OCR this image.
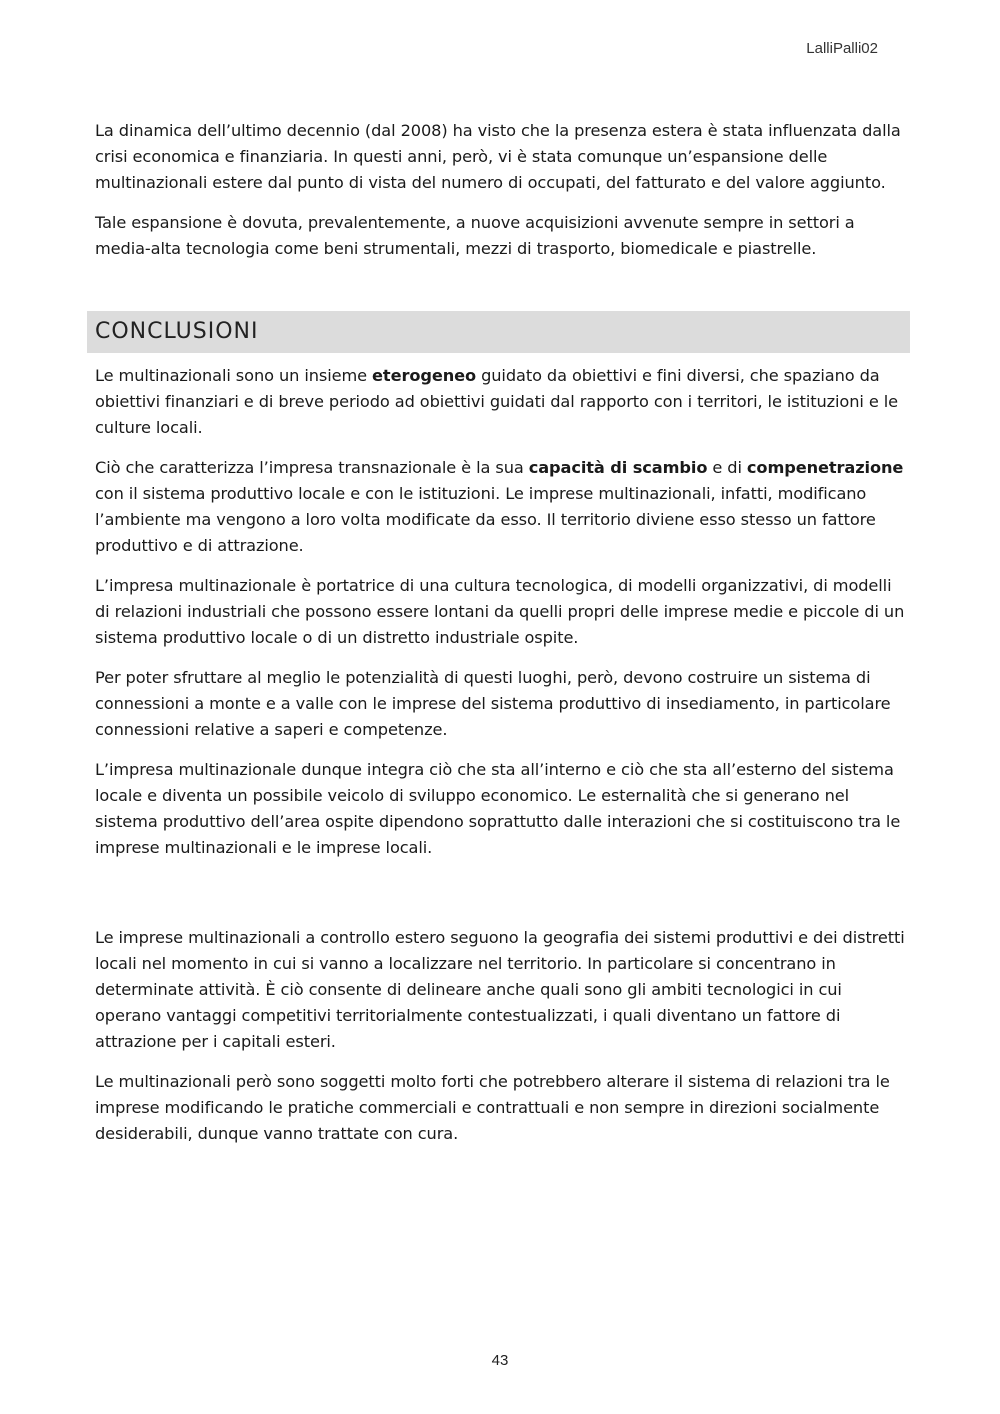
LalliPalli02

La dinamica dell’ultimo decennio (dal 2008) ha visto che la presenza estera è stata influenzata dalla crisi economica e finanziaria. In questi anni, però, vi è stata comunque un’espansione delle multinazionali estere dal punto di vista del numero di occupati, del fatturato e del valore aggiunto.

Tale espansione è dovuta, prevalentemente, a nuove acquisizioni avvenute sempre in settori a media-alta tecnologia come beni strumentali, mezzi di trasporto, biomedicale e piastrelle.

CONCLUSIONI

Le multinazionali sono un insieme eterogeneo guidato da obiettivi e fini diversi, che spaziano da obiettivi finanziari e di breve periodo ad obiettivi guidati dal rapporto con i territori, le istituzioni e le culture locali.

Ciò che caratterizza l’impresa transnazionale è la sua capacità di scambio e di compenetrazione con il sistema produttivo locale e con le istituzioni. Le imprese multinazionali, infatti, modificano l’ambiente ma vengono a loro volta modificate da esso. Il territorio diviene esso stesso un fattore produttivo e di attrazione.

L’impresa multinazionale è portatrice di una cultura tecnologica, di modelli organizzativi, di modelli di relazioni industriali che possono essere lontani da quelli propri delle imprese medie e piccole di un sistema produttivo locale o di un distretto industriale ospite.

Per poter sfruttare al meglio le potenzialità di questi luoghi, però, devono costruire un sistema di connessioni a monte e a valle con le imprese del sistema produttivo di insediamento, in particolare connessioni relative a saperi e competenze.

L’impresa multinazionale dunque integra ciò che sta all’interno e ciò che sta all’esterno del sistema locale e diventa un possibile veicolo di sviluppo economico. Le esternalità che si generano nel sistema produttivo dell’area ospite dipendono soprattutto dalle interazioni che si costituiscono tra le imprese multinazionali e le imprese locali.

Le imprese multinazionali a controllo estero seguono la geografia dei sistemi produttivi e dei distretti locali nel momento in cui si vanno a localizzare nel territorio. In particolare si concentrano in determinate attività. È ciò consente di delineare anche quali sono gli ambiti tecnologici in cui operano vantaggi competitivi territorialmente contestualizzati, i quali diventano un fattore di attrazione per i capitali esteri.

Le multinazionali però sono soggetti molto forti che potrebbero alterare il sistema di relazioni tra le imprese modificando le pratiche commerciali e contrattuali e non sempre in direzioni socialmente desiderabili, dunque vanno trattate con cura.

43
